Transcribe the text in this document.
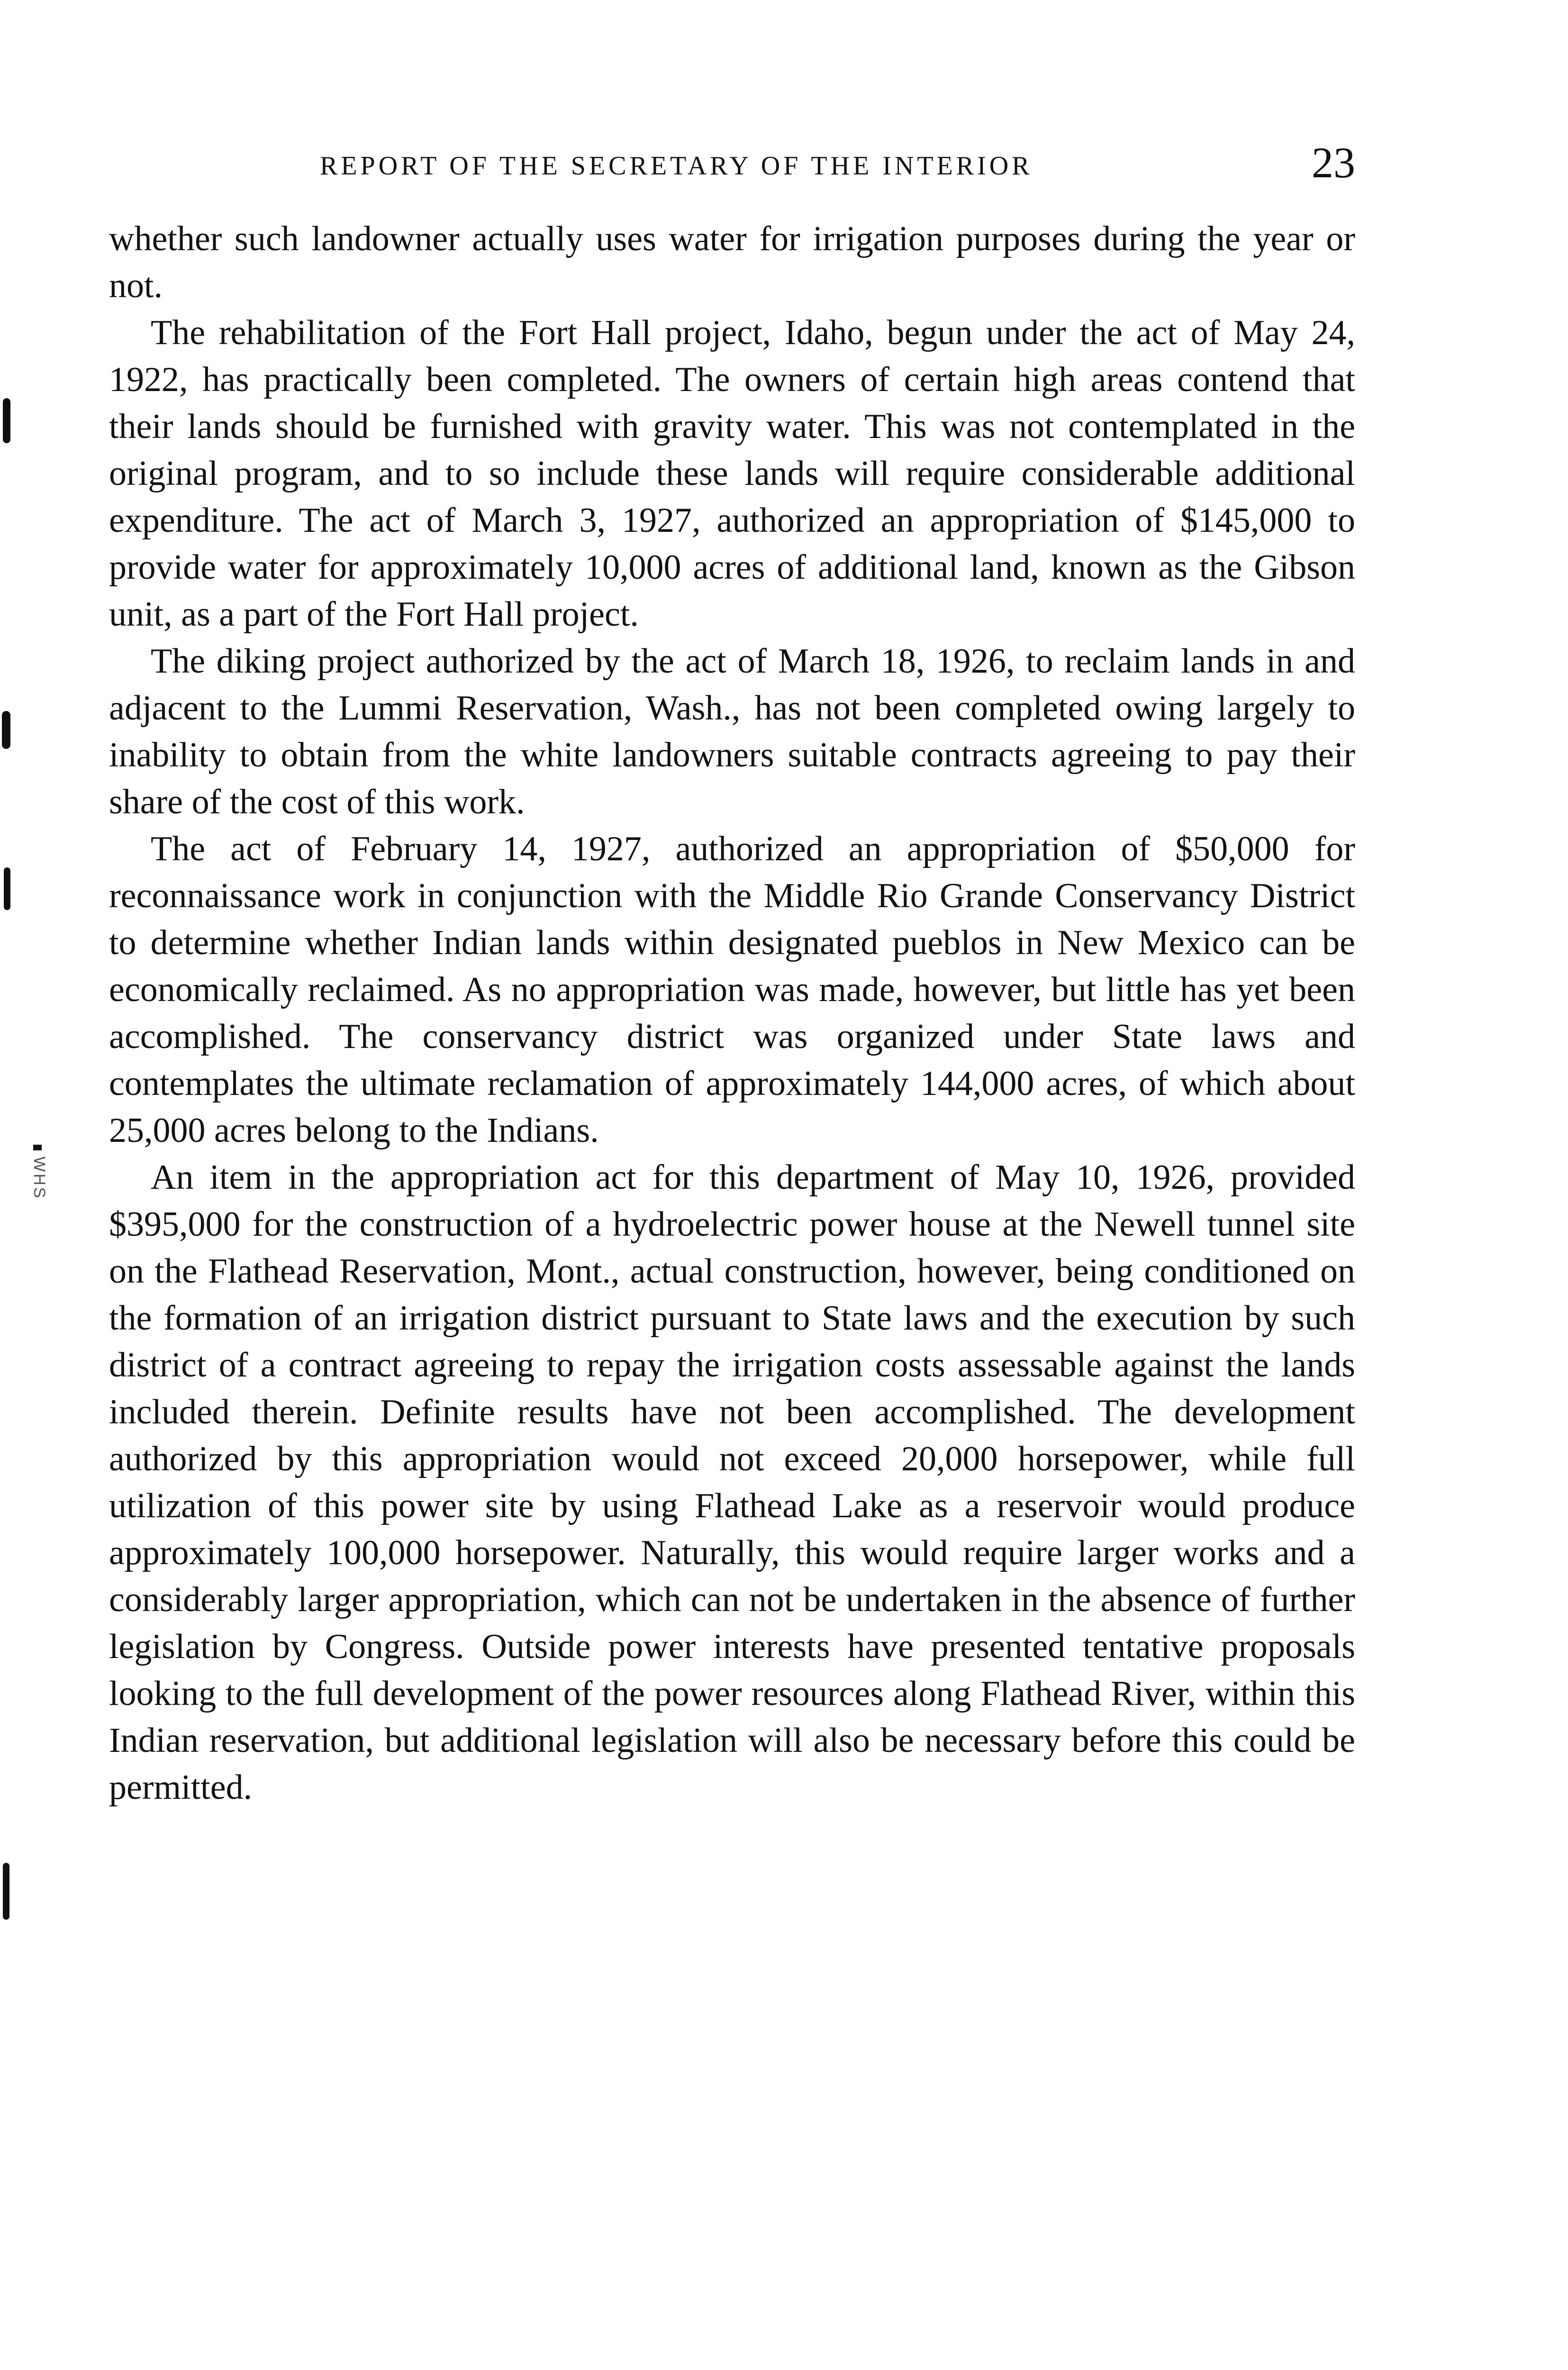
REPORT OF THE SECRETARY OF THE INTERIOR	23

whether such landowner actually uses water for irrigation purposes during the year or not.

The rehabilitation of the Fort Hall project, Idaho, begun under the act of May 24, 1922, has practically been completed. The owners of certain high areas contend that their lands should be furnished with gravity water. This was not contemplated in the original program, and to so include these lands will require considerable additional expenditure. The act of March 3, 1927, authorized an appropriation of $145,000 to provide water for approximately 10,000 acres of additional land, known as the Gibson unit, as a part of the Fort Hall project.

The diking project authorized by the act of March 18, 1926, to reclaim lands in and adjacent to the Lummi Reservation, Wash., has not been completed owing largely to inability to obtain from the white landowners suitable contracts agreeing to pay their share of the cost of this work.

The act of February 14, 1927, authorized an appropriation of $50,000 for reconnaissance work in conjunction with the Middle Rio Grande Conservancy District to determine whether Indian lands within designated pueblos in New Mexico can be economically reclaimed. As no appropriation was made, however, but little has yet been accomplished. The conservancy district was organized under State laws and contemplates the ultimate reclamation of approximately 144,000 acres, of which about 25,000 acres belong to the Indians.

An item in the appropriation act for this department of May 10, 1926, provided $395,000 for the construction of a hydroelectric power house at the Newell tunnel site on the Flathead Reservation, Mont., actual construction, however, being conditioned on the formation of an irrigation district pursuant to State laws and the execution by such district of a contract agreeing to repay the irrigation costs assessable against the lands included therein. Definite results have not been accomplished. The development authorized by this appropriation would not exceed 20,000 horsepower, while full utilization of this power site by using Flathead Lake as a reservoir would produce approximately 100,000 horsepower. Naturally, this would require larger works and a considerably larger appropriation, which can not be undertaken in the absence of further legislation by Congress. Outside power interests have presented tentative proposals looking to the full development of the power resources along Flathead River, within this Indian reservation, but additional legislation will also be necessary before this could be permitted.

WHS
